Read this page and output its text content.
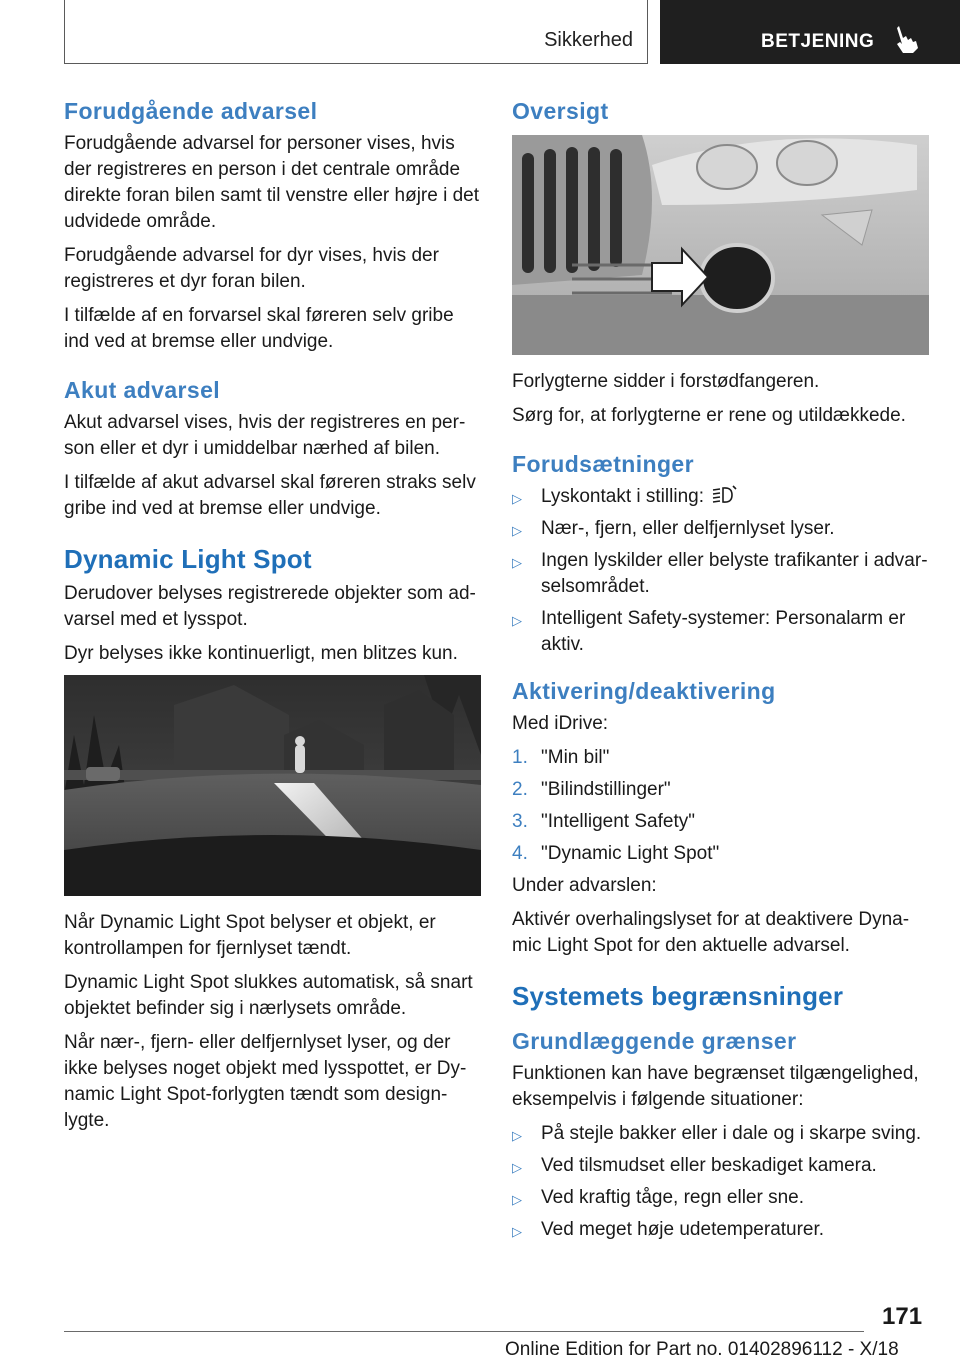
Sikkerhed	BETJENING
Forudgående advarsel

Forudgående advarsel for personer vises, hvis der registreres en person i det centrale område direkte foran bilen samt til venstre eller højre i det udvidede område.

Forudgående advarsel for dyr vises, hvis der registreres et dyr foran bilen.

I tilfælde af en forvarsel skal føreren selv gribe ind ved at bremse eller undvige.

Akut advarsel

Akut advarsel vises, hvis der registreres en person eller et dyr i umiddelbar nærhed af bilen.

I tilfælde af akut advarsel skal føreren straks selv gribe ind ved at bremse eller undvige.

Dynamic Light Spot

Derudover belyses registrerede objekter som advarsel med et lysspot.

Dyr belyses ikke kontinuerligt, men blitzes kun.

Når Dynamic Light Spot belyser et objekt, er kontrollampen for fjernlyset tændt.

Dynamic Light Spot slukkes automatisk, så snart objektet befinder sig i nærlysets område.

Når nær-, fjern- eller delfjernlyset lyser, og der ikke belyses noget objekt med lysspottet, er Dynamic Light Spot-forlygten tændt som designlygte.

Oversigt

Forlygterne sidder i forstødfangeren.

Sørg for, at forlygterne er rene og utildækkede.

Forudsætninger
▷ Lyskontakt i stilling:
▷ Nær-, fjern, eller delfjernlyset lyser.
▷ Ingen lyskilder eller belyste trafikanter i advarselsområdet.
▷ Intelligent Safety-systemer: Personalarm er aktiv.
Aktivering/deaktivering

Med iDrive:

1. "Min bil"
2. "Bilindstillinger"
3. "Intelligent Safety"
4. "Dynamic Light Spot"

Under advarslen:

Aktivér overhalingslyset for at deaktivere Dynamic Light Spot for den aktuelle advarsel.

Systemets begrænsninger
Grundlæggende grænser

Funktionen kan have begrænset tilgængelighed, eksempelvis i følgende situationer:

▷ På stejle bakker eller i dale og i skarpe sving.
▷ Ved tilsmudset eller beskadiget kamera.
▷ Ved kraftig tåge, regn eller sne.
▷ Ved meget høje udetemperaturer.
171
Online Edition for Part no. 01402896112 - X/18
